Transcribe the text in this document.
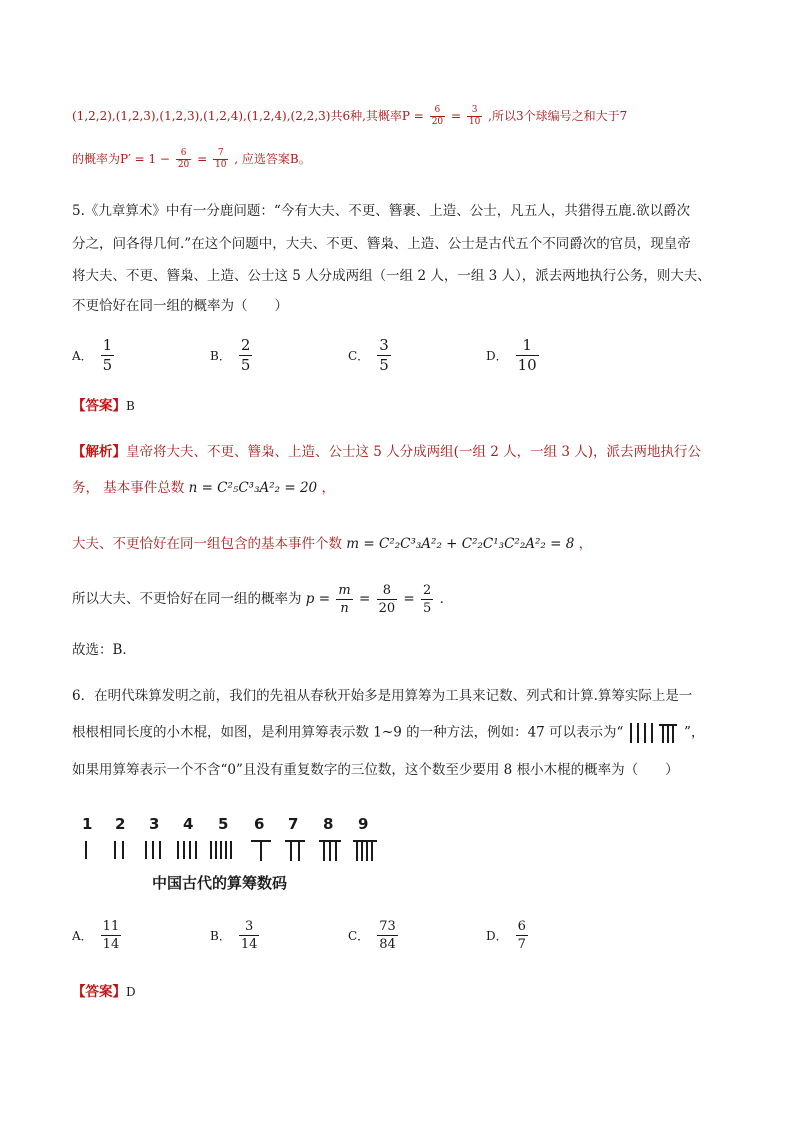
(1,2,2),(1,2,3),(1,2,3),(1,2,4),(1,2,4),(2,2,3)共6种,其概率$P = \frac{6}{20} = \frac{3}{10}$ ,所以3个球编号之和大于7
的概率为$P' = 1 - \frac{6}{20} = \frac{7}{10}$ , 应选答案B。
5.《九章算术》中有一分鹿问题：“今有大夫、不更、簪裹、上造、公士，凡五人，共猎得五鹿.欲以爵次
分之，问各得几何.”在这个问题中，大夫、不更、簪枭、上造、公士是古代五个不同爵次的官员，现皇帝
将大夫、不更、簪枭、上造、公士这 5 人分成两组（一组 2 人，一组 3 人），派去两地执行公务，则大夫、
不更恰好在同一组的概率为（　　）
A． $\frac{1}{5}$	B． $\frac{2}{5}$	C． $\frac{3}{5}$	D． $\frac{1}{10}$
【答案】B
【解析】皇帝将大夫、不更、簪枭、上造、公士这 5 人分成两组(一组 2 人，一组 3 人)，派去两地执行公
务， 基本事件总数 n = C²₅C³₃A²₂ = 20 ，
大夫、不更恰好在同一组包含的基本事件个数 m = C²₂C³₃A²₂ + C²₂C¹₃C²₂A²₂ = 8 ，
所以大夫、不更恰好在同一组的概率为 $p = \frac{m}{n} = \frac{8}{20} = \frac{2}{5}$ ．
故选：B．
6．在明代珠算发明之前，我们的先祖从春秋开始多是用算筹为工具来记数、列式和计算.算筹实际上是一
根根相同长度的小木棍，如图，是利用算筹表示数 1~9 的一种方法，例如：47 可以表示为“	”，
如果用算筹表示一个不含“0”且没有重复数字的三位数，这个数至少要用 8 根小木棍的概率为（　　）
1 2 3 4 5 6 7 8 9
中国古代的算筹数码
A． $\frac{11}{14}$	B． $\frac{3}{14}$	C． $\frac{73}{84}$	D． $\frac{6}{7}$
【答案】D
